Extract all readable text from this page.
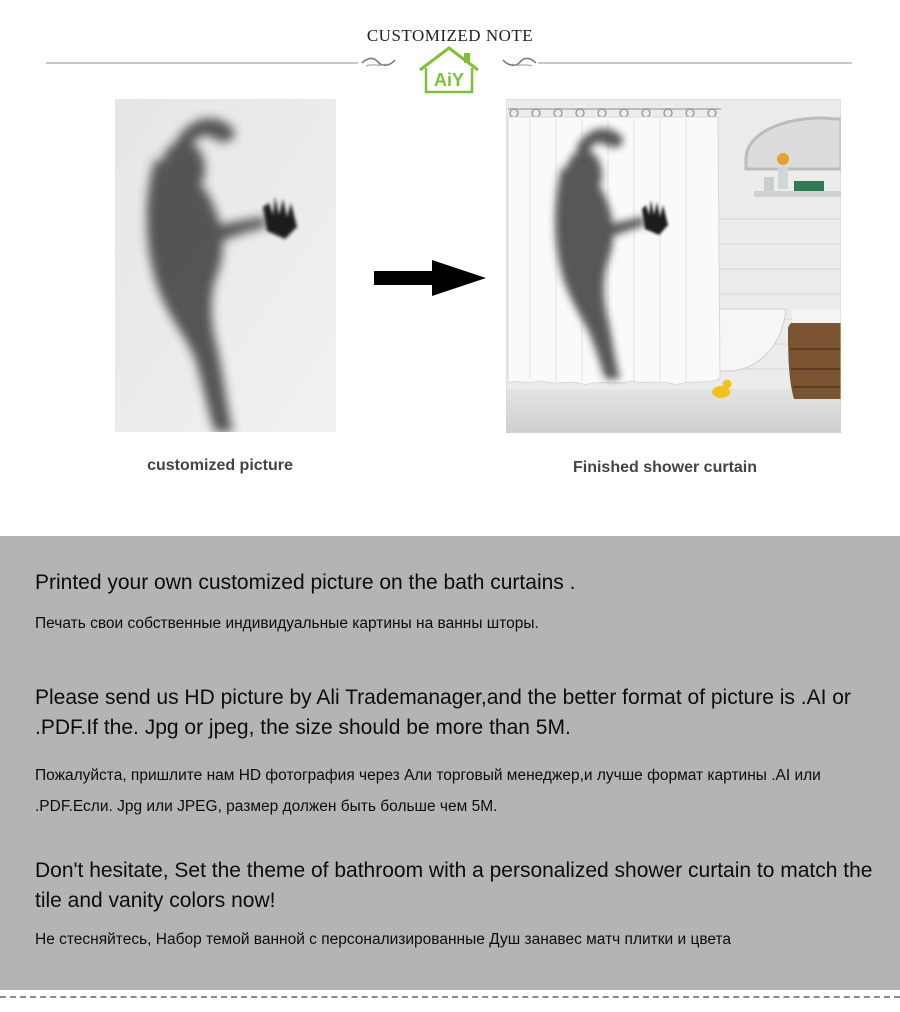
CUSTOMIZED NOTE
AiY
customized picture	Finished shower curtain

Printed your own customized picture on the bath curtains .

Печать свои собственные индивидуальные картины на ванны шторы.

Please send us HD picture by Ali Trademanager,and the better format of picture is .AI or .PDF.If the. Jpg or jpeg, the size should be more than 5M.

Пожалуйста, пришлите нам HD фотография через Али торговый менеджер,и лучше формат картины .AI или .PDF.Если. Jpg или JPEG, размер должен быть больше чем 5M.

Don't hesitate, Set the theme of bathroom with a personalized shower curtain to match the tile and vanity colors now!

Не стесняйтесь, Набор темой ванной с персонализированные Душ занавес матч плитки и цвета
